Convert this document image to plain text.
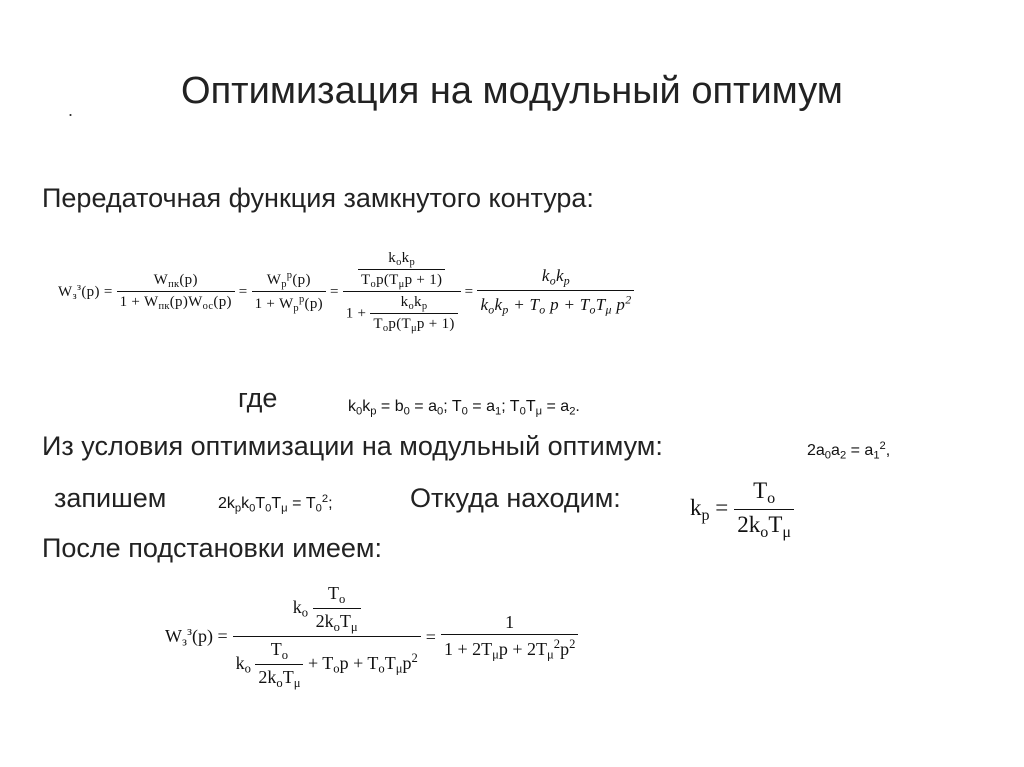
Оптимизация на модульный оптимум
.
Передаточная функция замкнутого контура:
$W_з^з(p) = \frac{W_{пк}(p)}{1 + W_{пк}(p)W_{ос}(p)} = \frac{W_p^p(p)}{1 + W_p^p(p)} = \frac{\frac{k_ok_p}{T_op(T_\mu p + 1)}}{1 + \frac{k_ok_p}{T_op(T_\mu p + 1)}} = \frac{k_ok_p}{k_ok_p + T_o p + T_oT_\mu p^2}$
где	$k_0k_p = b_0 = a_0$; $T_0 = a_1$; $T_0T_\mu = a_2$.
Из условия оптимизации на модульный оптимум:	$2a_0a_2 = a_1^2$,
запишем	$2k_pk_0T_0T_\mu = T_0^2$;	Откуда находим:	$k_p = \frac{T_o}{2k_oT_\mu}$
После подстановки имеем:
$W_з^з(p) = \frac{k_o \frac{T_o}{2k_oT_\mu}}{k_o \frac{T_o}{2k_oT_\mu} + T_op + T_oT_\mu p^2} = \frac{1}{1 + 2T_\mu p + 2T_\mu^2p^2}$
